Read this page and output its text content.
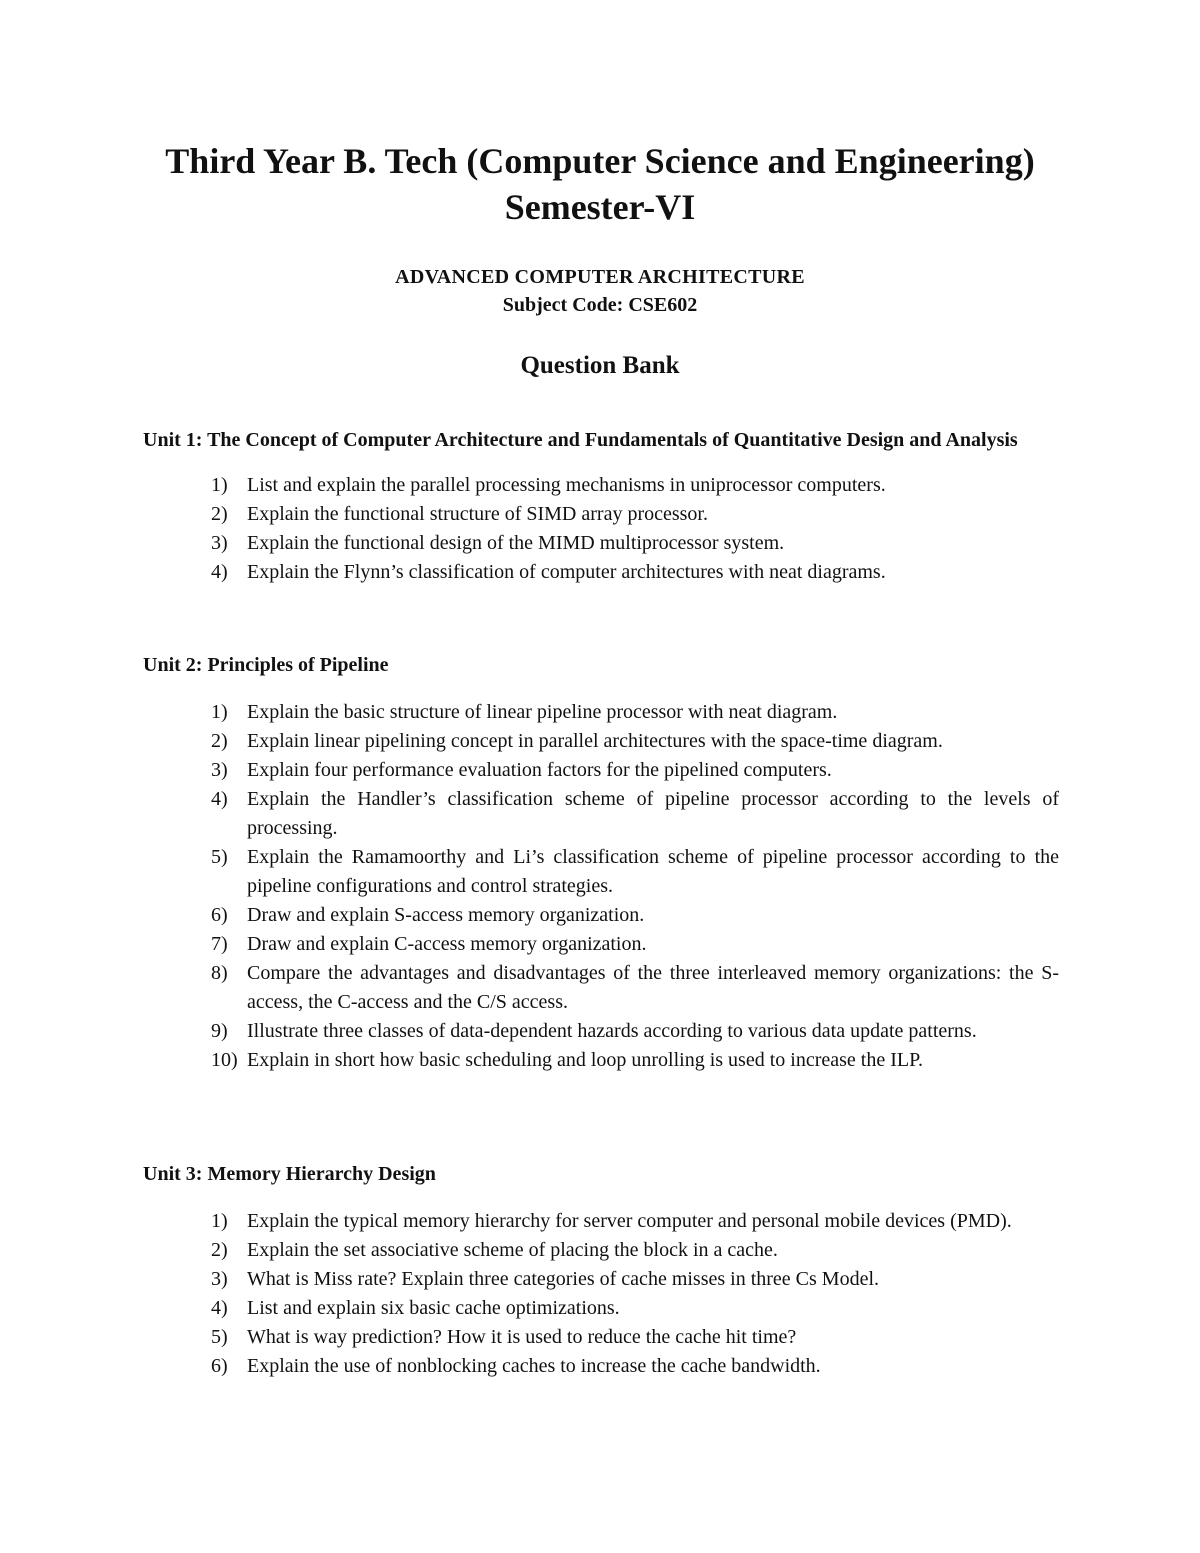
Third Year B. Tech (Computer Science and Engineering)
Semester-VI
ADVANCED COMPUTER ARCHITECTURE
Subject Code: CSE602
Question Bank

Unit 1: The Concept of Computer Architecture and Fundamentals of Quantitative Design and Analysis

1) List and explain the parallel processing mechanisms in uniprocessor computers.
2) Explain the functional structure of SIMD array processor.
3) Explain the functional design of the MIMD multiprocessor system.
4) Explain the Flynn’s classification of computer architectures with neat diagrams.

Unit 2: Principles of Pipeline

1) Explain the basic structure of linear pipeline processor with neat diagram.
2) Explain linear pipelining concept in parallel architectures with the space-time diagram.
3) Explain four performance evaluation factors for the pipelined computers.
4) Explain the Handler’s classification scheme of pipeline processor according to the levels of processing.
5) Explain the Ramamoorthy and Li’s classification scheme of pipeline processor according to the pipeline configurations and control strategies.
6) Draw and explain S-access memory organization.
7) Draw and explain C-access memory organization.
8) Compare the advantages and disadvantages of the three interleaved memory organizations: the S-access, the C-access and the C/S access.
9) Illustrate three classes of data-dependent hazards according to various data update patterns.
10) Explain in short how basic scheduling and loop unrolling is used to increase the ILP.

Unit 3: Memory Hierarchy Design

1) Explain the typical memory hierarchy for server computer and personal mobile devices (PMD).
2) Explain the set associative scheme of placing the block in a cache.
3) What is Miss rate? Explain three categories of cache misses in three Cs Model.
4) List and explain six basic cache optimizations.
5) What is way prediction? How it is used to reduce the cache hit time?
6) Explain the use of nonblocking caches to increase the cache bandwidth.
